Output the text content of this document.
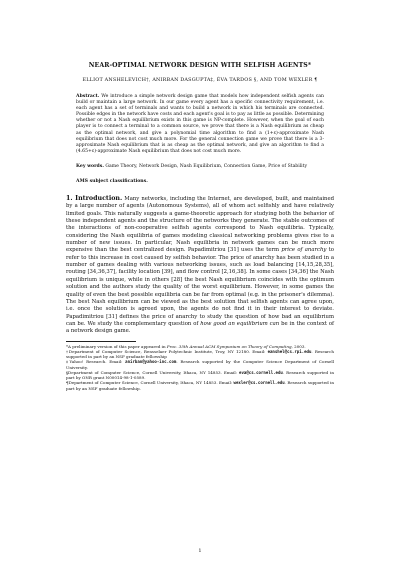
NEAR-OPTIMAL NETWORK DESIGN WITH SELFISH AGENTS*
ELLIOT ANSHELEVICH†, ANIRBAN DASGUPTA‡, ÉVA TARDOS §, AND TOM WEXLER ¶
Abstract. We introduce a simple network design game that models how independent selfish agents can build or maintain a large network. In our game every agent has a specific connectivity requirement, i.e. each agent has a set of terminals and wants to build a network in which his terminals are connected. Possible edges in the network have costs and each agent's goal is to pay as little as possible. Determining whether or not a Nash equilibrium exists in this game is NP-complete. However, when the goal of each player is to connect a terminal to a common source, we prove that there is a Nash equilibrium as cheap as the optimal network, and give a polynomial time algorithm to find a (1+ε)-approximate Nash equilibrium that does not cost much more. For the general connection game we prove that there is a 3-approximate Nash equilibrium that is as cheap as the optimal network, and give an algorithm to find a (4.65+ε)-approximate Nash equilibrium that does not cost much more.
Key words. Game Theory, Network Design, Nash Equilibrium, Connection Game, Price of Stability
AMS subject classifications.
1. Introduction. Many networks, including the Internet, are developed, built, and maintained by a large number of agents (Autonomous Systems), all of whom act selfishly and have relatively limited goals. This naturally suggests a game-theoretic approach for studying both the behavior of these independent agents and the structure of the networks they generate. The stable outcomes of the interactions of non-cooperative selfish agents correspond to Nash equilibria. Typically, considering the Nash equilibria of games modeling classical networking problems gives rise to a number of new issues. In particular, Nash equilibria in network games can be much more expensive than the best centralized design. Papadimitriou [31] uses the term price of anarchy to refer to this increase in cost caused by selfish behavior. The price of anarchy has been studied in a number of games dealing with various networking issues, such as load balancing [14,15,28,35], routing [34,36,37], facility location [39], and flow control [2,16,38]. In some cases [34,36] the Nash equilibrium is unique, while in others [28] the best Nash equilibrium coincides with the optimum solution and the authors study the quality of the worst equilibrium. However, in some games the quality of even the best possible equilibria can be far from optimal (e.g. in the prisoner's dilemma). The best Nash equilibrium can be viewed as the best solution that selfish agents can agree upon, i.e. once the solution is agreed upon, the agents do not find it in their interest to deviate. Papadimitriou [31] defines the price of anarchy to study the question of how bad an equilibrium can be. We study the complementary question of how good an equilibrium can be in the context of a network design game.
*A preliminary version of this paper appeared in Proc. 35th Annual ACM Symposium on Theory of Computing, 2003.
†Department of Computer Science, Rensselaer Polytechnic Institute, Troy, NY 12180. Email: eanshel@cs.rpi.edu. Research supported in part by an NSF graduate fellowship
‡Yahoo! Research. Email: anirban@yahoo-inc.com. Research supported by the Computer Science Department of Cornell University.
§Department of Computer Science, Cornell University, Ithaca, NY 14853. Email: eva@cs.cornell.edu. Research supported in part by ONR grant N00014-98-1-0589.
¶Department of Computer Science, Cornell University, Ithaca, NY 14853. Email: wexler@cs.cornell.edu. Research supported in part by an NSF graduate fellowship.
1
